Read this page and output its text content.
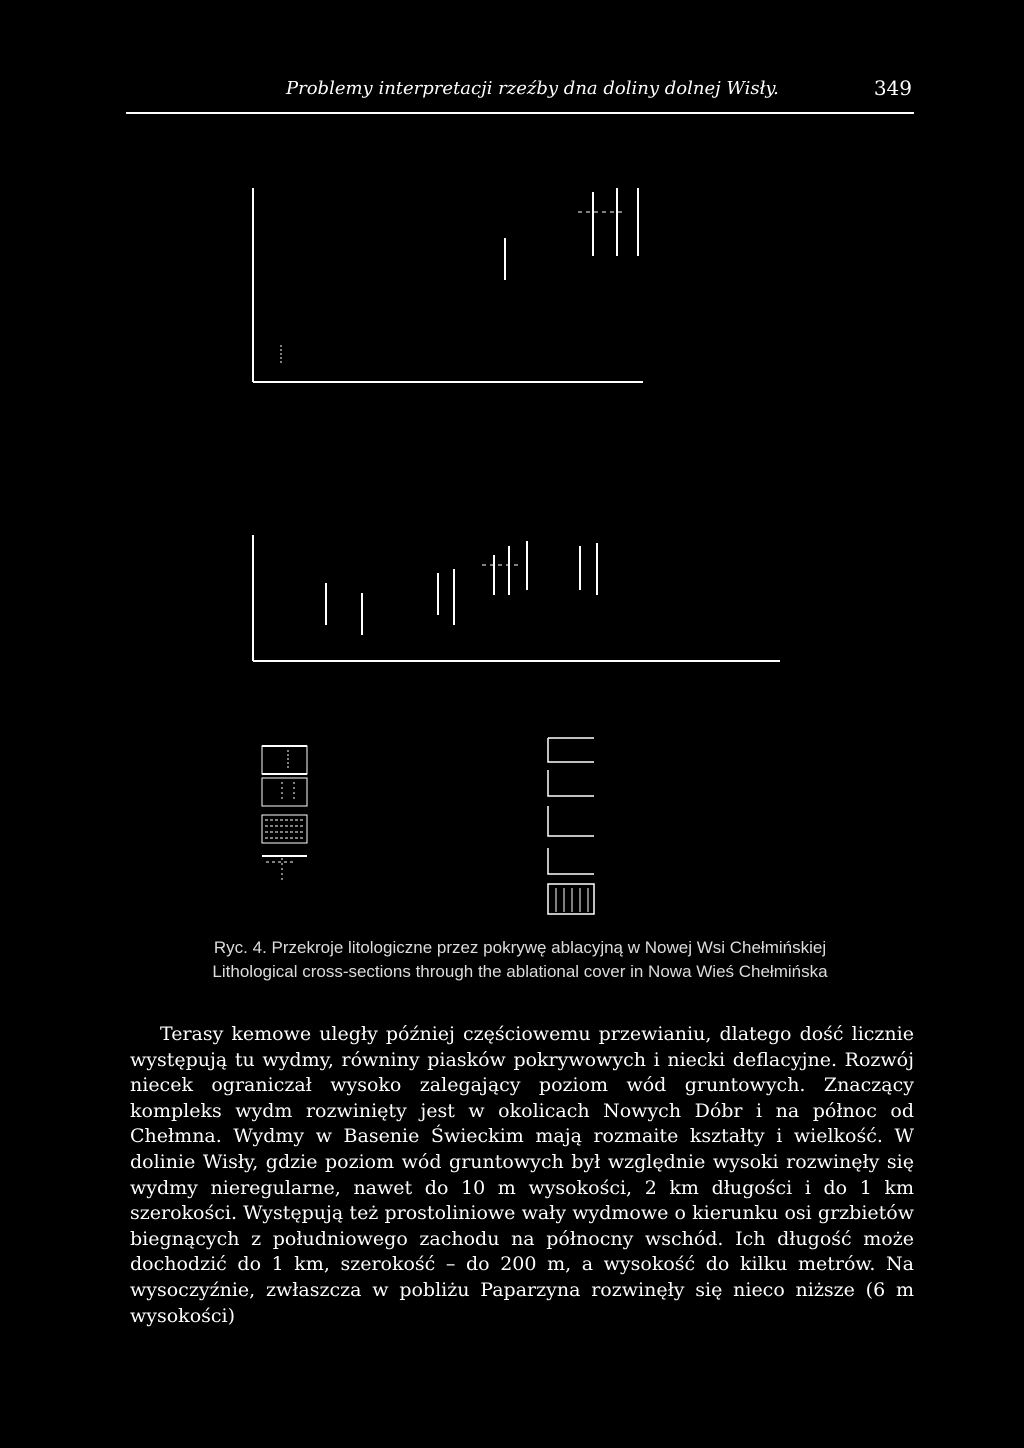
Problemy interpretacji rzeźby dna doliny dolnej Wisły.	349
Ryc. 4. Przekroje litologiczne przez pokrywę ablacyjną w Nowej Wsi Chełmińskiej
Lithological cross-sections through the ablational cover in Nowa Wieś Chełmińska

Terasy kemowe uległy później częściowemu przewianiu, dlatego dość licznie występują tu wydmy, równiny piasków pokrywowych i niecki deflacyjne. Rozwój niecek ograniczał wysoko zalegający poziom wód gruntowych. Znaczący kompleks wydm rozwinięty jest w okolicach Nowych Dóbr i na północ od Chełmna. Wydmy w Basenie Świeckim mają rozmaite kształty i wielkość. W dolinie Wisły, gdzie poziom wód gruntowych był względnie wysoki rozwinęły się wydmy nieregularne, nawet do 10 m wysokości, 2 km długości i do 1 km szerokości. Występują też prostoliniowe wały wydmowe o kierunku osi grzbietów biegnących z południowego zachodu na północny wschód. Ich długość może dochodzić do 1 km, szerokość – do 200 m, a wysokość do kilku metrów. Na wysoczyźnie, zwłaszcza w pobliżu Paparzyna rozwinęły się nieco niższe (6 m wysokości)
